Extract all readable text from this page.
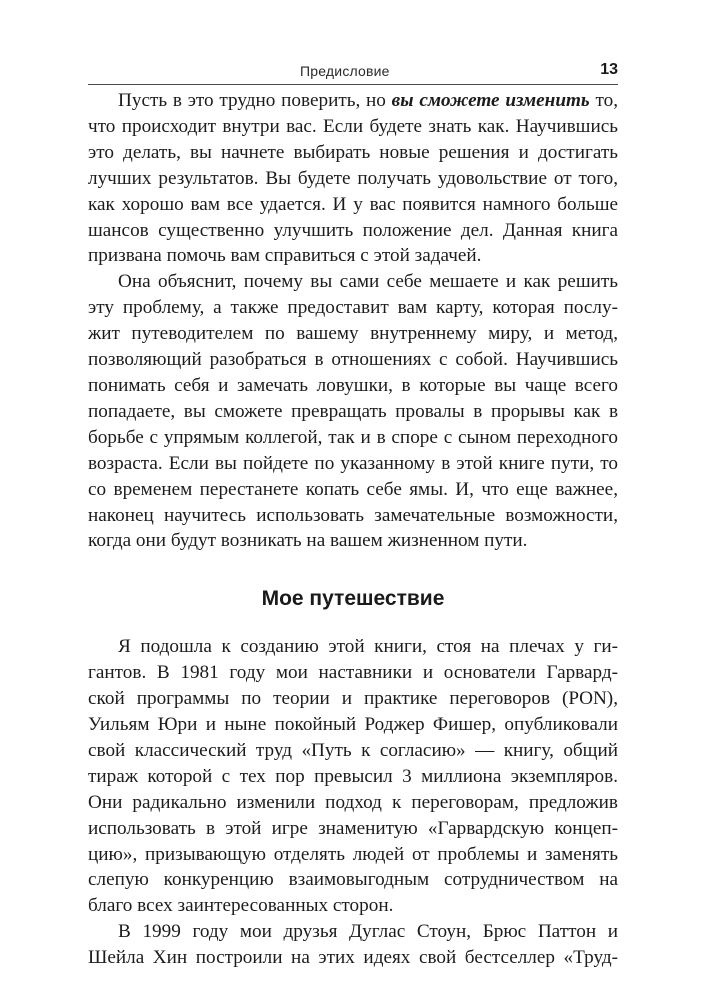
Предисловие	13
Пусть в это трудно поверить, но вы сможете изменить то,
что происходит внутри вас. Если будете знать как. Научившись
это делать, вы начнете выбирать новые решения и достигать
лучших результатов. Вы будете получать удовольствие от того,
как хорошо вам все удается. И у вас появится намного больше
шансов существенно улучшить положение дел. Данная книга
призвана помочь вам справиться с этой задачей.
Она объяснит, почему вы сами себе мешаете и как решить
эту проблему, а также предоставит вам карту, которая послу-
жит путеводителем по вашему внутреннему миру, и метод,
позволяющий разобраться в отношениях с собой. Научившись
понимать себя и замечать ловушки, в которые вы чаще всего
попадаете, вы сможете превращать провалы в прорывы как в
борьбе с упрямым коллегой, так и в споре с сыном переходного
возраста. Если вы пойдете по указанному в этой книге пути, то
со временем перестанете копать себе ямы. И, что еще важнее,
наконец научитесь использовать замечательные возможности,
когда они будут возникать на вашем жизненном пути.
Мое путешествие
Я подошла к созданию этой книги, стоя на плечах у ги-
гантов. В 1981 году мои наставники и основатели Гарвард-
ской программы по теории и практике переговоров (PON),
Уильям Юри и ныне покойный Роджер Фишер, опубликовали
свой классический труд «Путь к согласию» — книгу, общий
тираж которой с тех пор превысил 3 миллиона экземпляров.
Они радикально изменили подход к переговорам, предложив
использовать в этой игре знаменитую «Гарвардскую концеп-
цию», призывающую отделять людей от проблемы и заменять
слепую конкуренцию взаимовыгодным сотрудничеством на
благо всех заинтересованных сторон.
В 1999 году мои друзья Дуглас Стоун, Брюс Паттон и
Шейла Хин построили на этих идеях свой бестселлер «Труд-
